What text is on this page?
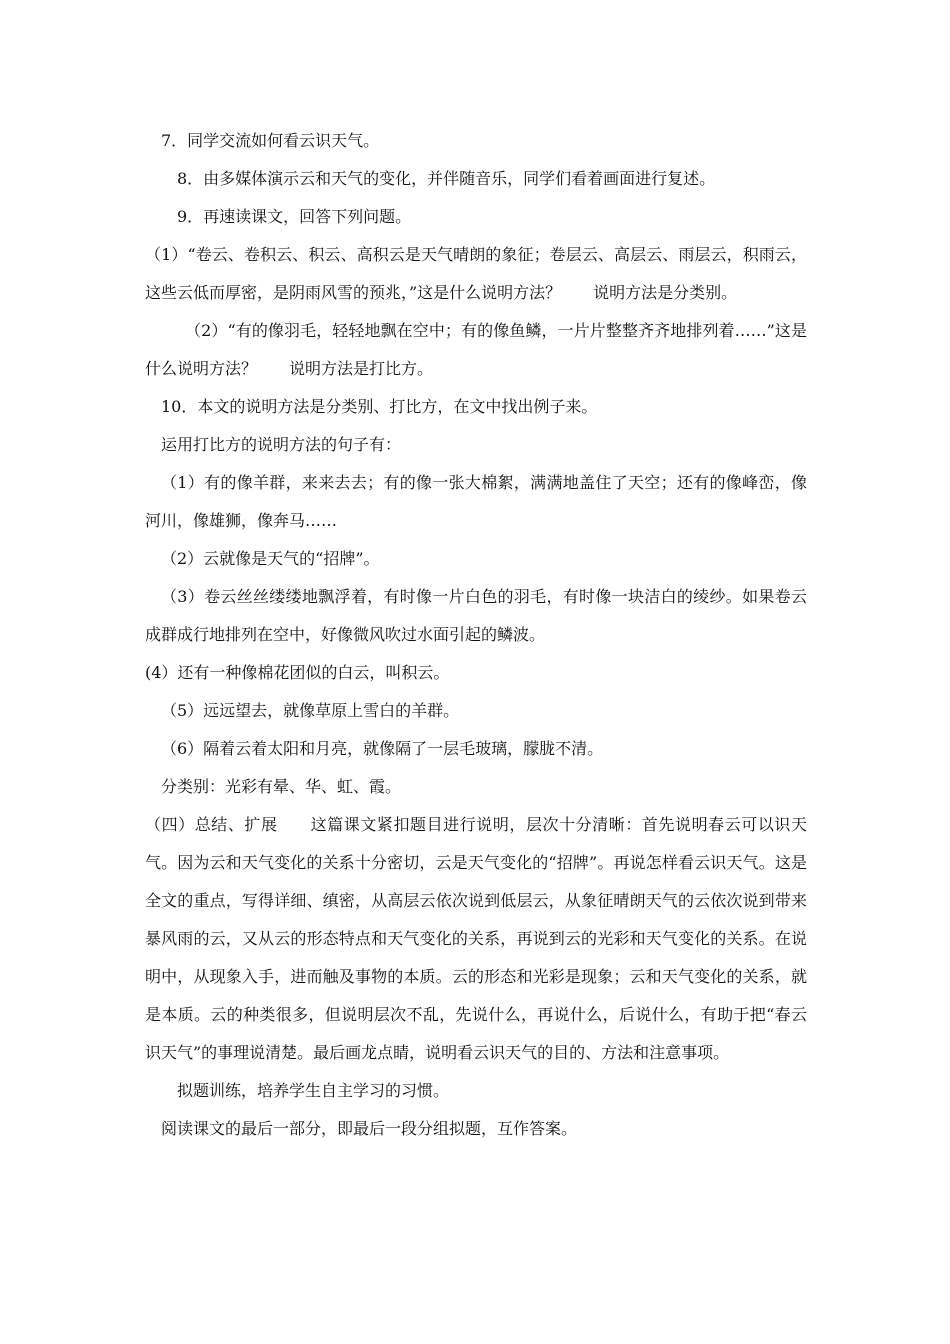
7．同学交流如何看云识天气。

8．由多媒体演示云和天气的变化，并伴随音乐，同学们看着画面进行复述。

9．再速读课文，回答下列问题。

（1）“卷云、卷积云、积云、高积云是天气晴朗的象征；卷层云、高层云、雨层云，积雨云，这些云低而厚密，是阴雨风雪的预兆，”这是什么说明方法？　　说明方法是分类别。

（2）“有的像羽毛，轻轻地飘在空中；有的像鱼鳞，一片片整整齐齐地排列着……”这是什么说明方法？　　说明方法是打比方。

10．本文的说明方法是分类别、打比方，在文中找出例子来。

运用打比方的说明方法的句子有：

（1）有的像羊群，来来去去；有的像一张大棉絮，满满地盖住了天空；还有的像峰峦，像河川，像雄狮，像奔马……

（2）云就像是天气的“招牌”。

（3）卷云丝丝缕缕地飘浮着，有时像一片白色的羽毛，有时像一块洁白的绫纱。如果卷云成群成行地排列在空中，好像微风吹过水面引起的鳞波。

(4）还有一种像棉花团似的白云，叫积云。

（5）远远望去，就像草原上雪白的羊群。

（6）隔着云着太阳和月亮，就像隔了一层毛玻璃，朦胧不清。

分类别：光彩有晕、华、虹、霞。

（四）总结、扩展　　这篇课文紧扣题目进行说明，层次十分清晰：首先说明春云可以识天气。因为云和天气变化的关系十分密切，云是天气变化的“招牌”。再说怎样看云识天气。这是全文的重点，写得详细、缜密，从高层云依次说到低层云，从象征晴朗天气的云依次说到带来暴风雨的云，又从云的形态特点和天气变化的关系，再说到云的光彩和天气变化的关系。在说明中，从现象入手，进而触及事物的本质。云的形态和光彩是现象；云和天气变化的关系，就是本质。云的种类很多，但说明层次不乱，先说什么，再说什么，后说什么，有助于把“春云识天气”的事理说清楚。最后画龙点睛，说明看云识天气的目的、方法和注意事项。

拟题训练，培养学生自主学习的习惯。

阅读课文的最后一部分，即最后一段分组拟题，互作答案。
